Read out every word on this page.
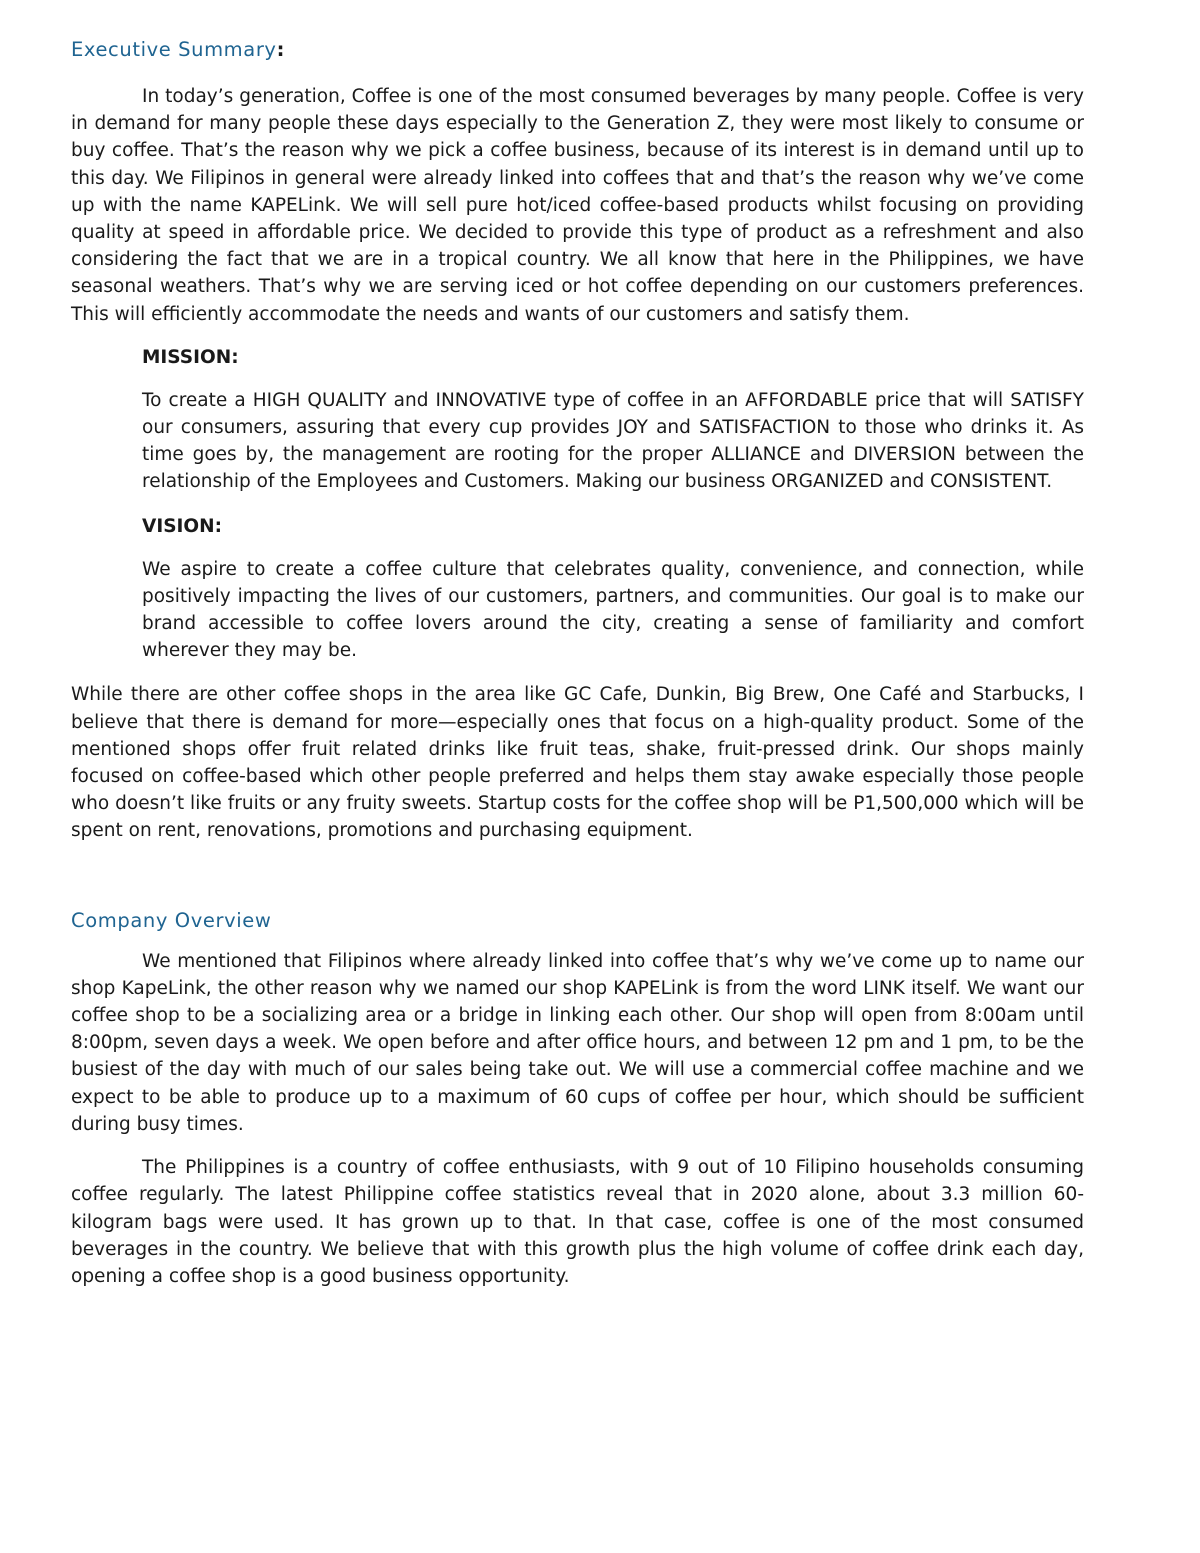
Executive Summary:

In today’s generation, Coffee is one of the most consumed beverages by many people. Coffee is very in demand for many people these days especially to the Generation Z, they were most likely to consume or buy coffee. That’s the reason why we pick a coffee business, because of its interest is in demand until up to this day. We Filipinos in general were already linked into coffees that and that’s the reason why we’ve come up with the name KAPELink. We will sell pure hot/iced coffee-based products whilst focusing on providing quality at speed in affordable price. We decided to provide this type of product as a refreshment and also considering the fact that we are in a tropical country. We all know that here in the Philippines, we have seasonal weathers. That’s why we are serving iced or hot coffee depending on our customers preferences. This will efficiently accommodate the needs and wants of our customers and satisfy them.

MISSION:

To create a HIGH QUALITY and INNOVATIVE type of coffee in an AFFORDABLE price that will SATISFY our consumers, assuring that every cup provides JOY and SATISFACTION to those who drinks it. As time goes by, the management are rooting for the proper ALLIANCE and DIVERSION between the relationship of the Employees and Customers. Making our business ORGANIZED and CONSISTENT.

VISION:

We aspire to create a coffee culture that celebrates quality, convenience, and connection, while positively impacting the lives of our customers, partners, and communities. Our goal is to make our brand accessible to coffee lovers around the city, creating a sense of familiarity and comfort wherever they may be.

While there are other coffee shops in the area like GC Cafe, Dunkin, Big Brew, One Café and Starbucks, I believe that there is demand for more—especially ones that focus on a high-quality product. Some of the mentioned shops offer fruit related drinks like fruit teas, shake, fruit-pressed drink. Our shops mainly focused on coffee-based which other people preferred and helps them stay awake especially those people who doesn’t like fruits or any fruity sweets. Startup costs for the coffee shop will be P1,500,000 which will be spent on rent, renovations, promotions and purchasing equipment.

Company Overview

We mentioned that Filipinos where already linked into coffee that’s why we’ve come up to name our shop KapeLink, the other reason why we named our shop KAPELink is from the word LINK itself. We want our coffee shop to be a socializing area or a bridge in linking each other. Our shop will open from 8:00am until 8:00pm, seven days a week. We open before and after office hours, and between 12 pm and 1 pm, to be the busiest of the day with much of our sales being take out. We will use a commercial coffee machine and we expect to be able to produce up to a maximum of 60 cups of coffee per hour, which should be sufficient during busy times.

The Philippines is a country of coffee enthusiasts, with 9 out of 10 Filipino households consuming coffee regularly. The latest Philippine coffee statistics reveal that in 2020 alone, about 3.3 million 60-kilogram bags were used. It has grown up to that. In that case, coffee is one of the most consumed beverages in the country. We believe that with this growth plus the high volume of coffee drink each day, opening a coffee shop is a good business opportunity.
